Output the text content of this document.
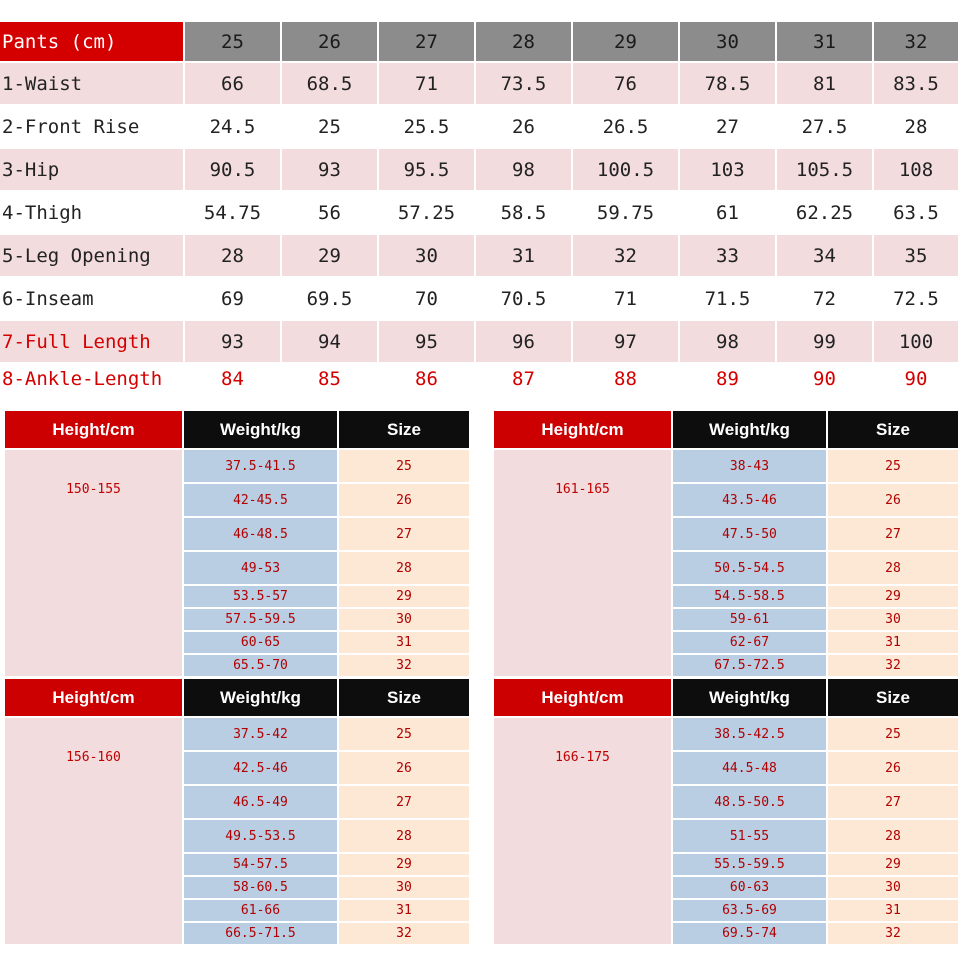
Pants (cm)	25	26	27	28	29	30	31	32
1-Waist	66	68.5	71	73.5	76	78.5	81	83.5
2-Front Rise	24.5	25	25.5	26	26.5	27	27.5	28
3-Hip	90.5	93	95.5	98	100.5	103	105.5	108
4-Thigh	54.75	56	57.25	58.5	59.75	61	62.25	63.5
5-Leg Opening	28	29	30	31	32	33	34	35
6-Inseam	69	69.5	70	70.5	71	71.5	72	72.5
7-Full Length	93	94	95	96	97	98	99	100
8-Ankle-Length	84	85	86	87	88	89	90	90
Height/cm	Weight/kg	Size
150-155	37.5-41.5	25
	42-45.5	26
	46-48.5	27
	49-53	28
	53.5-57	29
	57.5-59.5	30
	60-65	31
	65.5-70	32
Height/cm	Weight/kg	Size
161-165	38-43	25
	43.5-46	26
	47.5-50	27
	50.5-54.5	28
	54.5-58.5	29
	59-61	30
	62-67	31
	67.5-72.5	32
Height/cm	Weight/kg	Size
156-160	37.5-42	25
	42.5-46	26
	46.5-49	27
	49.5-53.5	28
	54-57.5	29
	58-60.5	30
	61-66	31
	66.5-71.5	32
Height/cm	Weight/kg	Size
166-175	38.5-42.5	25
	44.5-48	26
	48.5-50.5	27
	51-55	28
	55.5-59.5	29
	60-63	30
	63.5-69	31
	69.5-74	32
